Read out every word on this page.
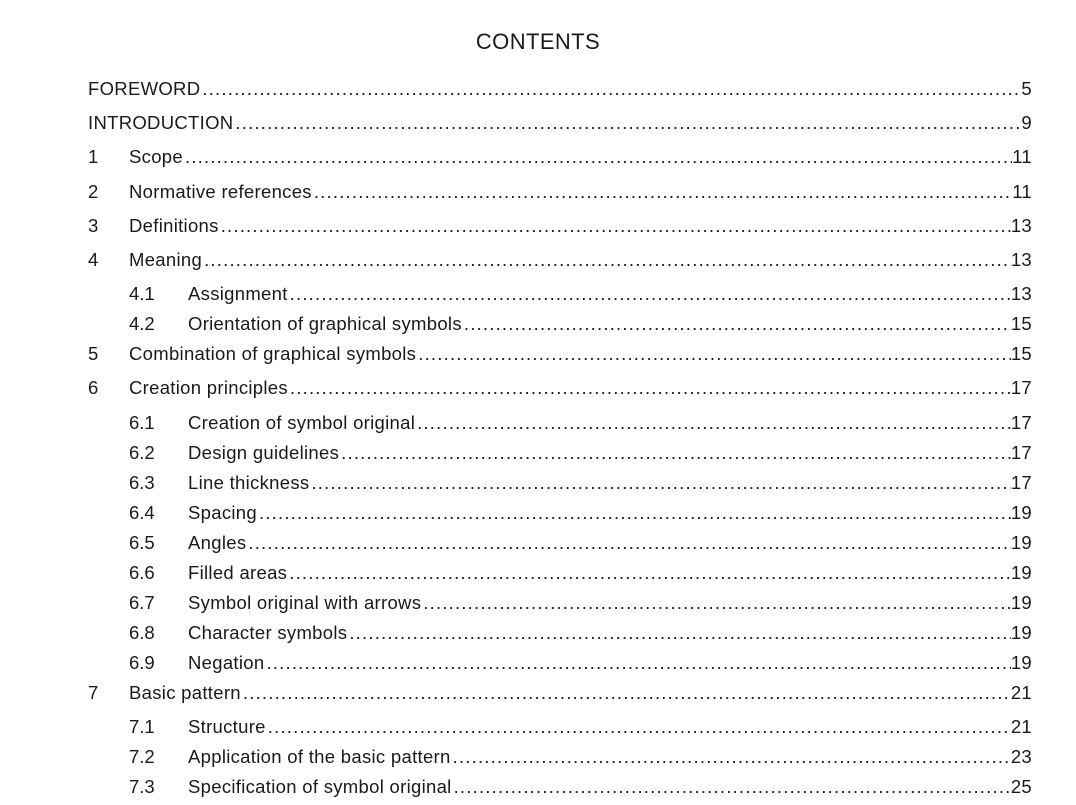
CONTENTS
FOREWORD .....	5
INTRODUCTION .....	9
1	Scope .....	11
2	Normative references .....	11
3	Definitions .....	13
4	Meaning .....	13
4.1	Assignment .....	13
4.2	Orientation of graphical symbols .....	15
5	Combination of graphical symbols .....	15
6	Creation principles .....	17
6.1	Creation of symbol original .....	17
6.2	Design guidelines .....	17
6.3	Line thickness .....	17
6.4	Spacing .....	19
6.5	Angles .....	19
6.6	Filled areas .....	19
6.7	Symbol original with arrows .....	19
6.8	Character symbols .....	19
6.9	Negation .....	19
7	Basic pattern .....	21
7.1	Structure .....	21
7.2	Application of the basic pattern .....	23
7.3	Specification of symbol original .....	25
